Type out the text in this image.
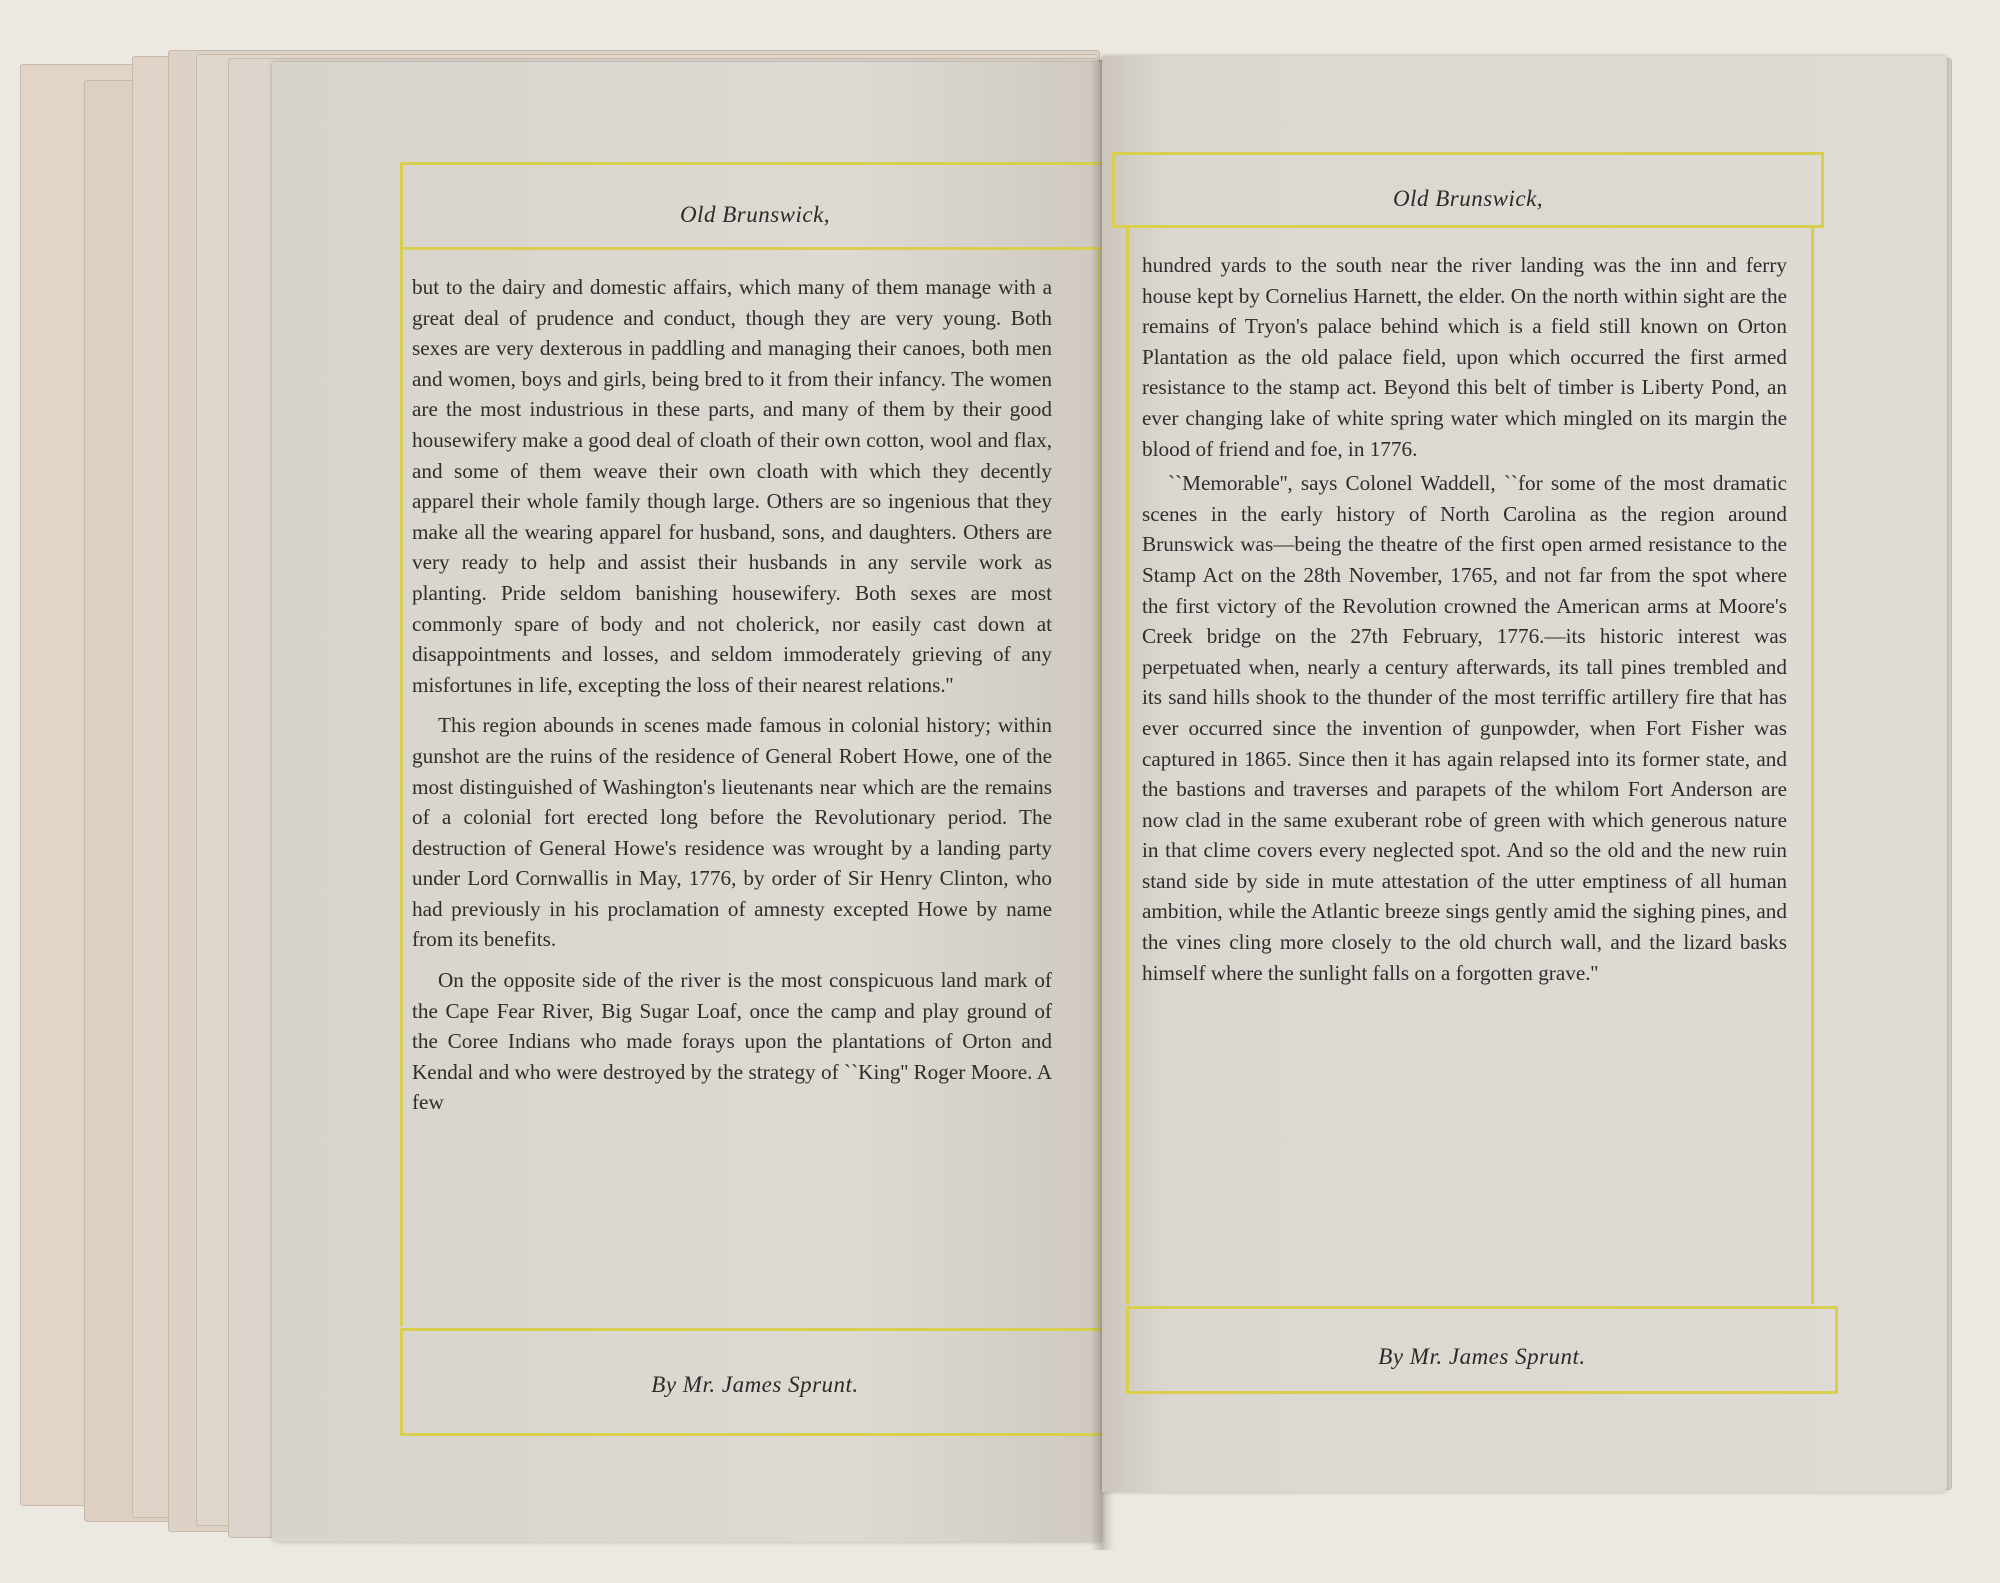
Old Brunswick,

but to the dairy and domestic affairs, which many of them manage with a great deal of prudence and conduct, though they are very young. Both sexes are very dexterous in paddling and managing their canoes, both men and women, boys and girls, being bred to it from their infancy. The women are the most industrious in these parts, and many of them by their good housewifery make a good deal of cloath of their own cotton, wool and flax, and some of them weave their own cloath with which they decently apparel their whole family though large. Others are so ingenious that they make all the wearing apparel for husband, sons, and daughters. Others are very ready to help and assist their husbands in any servile work as planting. Pride seldom banishing housewifery. Both sexes are most commonly spare of body and not cholerick, nor easily cast down at disappointments and losses, and seldom immoderately grieving of any misfortunes in life, excepting the loss of their nearest relations.''

This region abounds in scenes made famous in colonial history; within gunshot are the ruins of the residence of General Robert Howe, one of the most distinguished of Washington's lieutenants near which are the remains of a colonial fort erected long before the Revolutionary period. The destruction of General Howe's residence was wrought by a landing party under Lord Cornwallis in May, 1776, by order of Sir Henry Clinton, who had previously in his proclamation of amnesty excepted Howe by name from its benefits.

On the opposite side of the river is the most conspicuous land mark of the Cape Fear River, Big Sugar Loaf, once the camp and play ground of the Coree Indians who made forays upon the plantations of Orton and Kendal and who were destroyed by the strategy of ``King'' Roger Moore. A few

By Mr. James Sprunt.
Old Brunswick,

hundred yards to the south near the river landing was the inn and ferry house kept by Cornelius Harnett, the elder. On the north within sight are the remains of Tryon's palace behind which is a field still known on Orton Plantation as the old palace field, upon which occurred the first armed resistance to the stamp act. Beyond this belt of timber is Liberty Pond, an ever changing lake of white spring water which mingled on its margin the blood of friend and foe, in 1776.

``Memorable'', says Colonel Waddell, ``for some of the most dramatic scenes in the early history of North Carolina as the region around Brunswick was—being the theatre of the first open armed resistance to the Stamp Act on the 28th November, 1765, and not far from the spot where the first victory of the Revolution crowned the American arms at Moore's Creek bridge on the 27th February, 1776.—its historic interest was perpetuated when, nearly a century afterwards, its tall pines trembled and its sand hills shook to the thunder of the most terriffic artillery fire that has ever occurred since the invention of gunpowder, when Fort Fisher was captured in 1865. Since then it has again relapsed into its former state, and the bastions and traverses and parapets of the whilom Fort Anderson are now clad in the same exuberant robe of green with which generous nature in that clime covers every neglected spot. And so the old and the new ruin stand side by side in mute attestation of the utter emptiness of all human ambition, while the Atlantic breeze sings gently amid the sighing pines, and the vines cling more closely to the old church wall, and the lizard basks himself where the sunlight falls on a forgotten grave.''

By Mr. James Sprunt.
